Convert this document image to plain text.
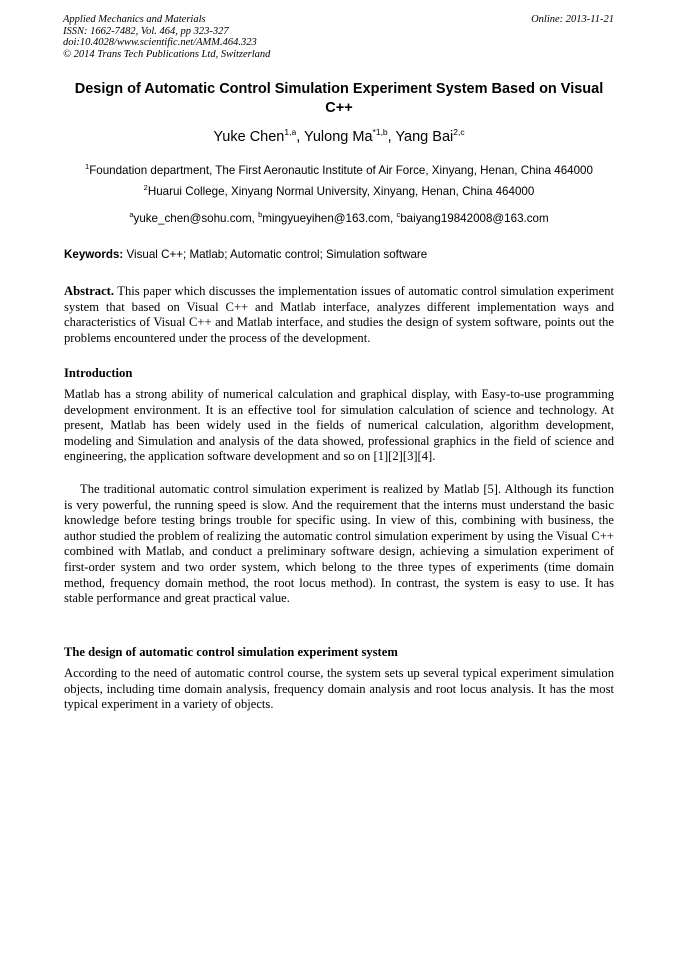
Applied Mechanics and Materials
ISSN: 1662-7482, Vol. 464, pp 323-327
doi:10.4028/www.scientific.net/AMM.464.323
© 2014 Trans Tech Publications Ltd, Switzerland
Online: 2013-11-21
Design of Automatic Control Simulation Experiment System Based on Visual C++
Yuke Chen$^{1,a}$, Yulong Ma$^{*1,b}$, Yang Bai$^{2,c}$
$^1$Foundation department, The First Aeronautic Institute of Air Force, Xinyang, Henan, China 464000
$^2$Huarui College, Xinyang Normal University, Xinyang, Henan, China 464000
$^a$yuke_chen@sohu.com, $^b$mingyueyihen@163.com, $^c$baiyang19842008@163.com
Keywords: Visual C++; Matlab; Automatic control; Simulation software
Abstract. This paper which discusses the implementation issues of automatic control simulation experiment system that based on Visual C++ and Matlab interface, analyzes different implementation ways and characteristics of Visual C++ and Matlab interface, and studies the design of system software, points out the problems encountered under the process of the development.
Introduction
Matlab has a strong ability of numerical calculation and graphical display, with Easy-to-use programming development environment. It is an effective tool for simulation calculation of science and technology. At present, Matlab has been widely used in the fields of numerical calculation, algorithm development, modeling and Simulation and analysis of the data showed, professional graphics in the field of science and engineering, the application software development and so on [1][2][3][4].
The traditional automatic control simulation experiment is realized by Matlab [5]. Although its function is very powerful, the running speed is slow. And the requirement that the interns must understand the basic knowledge before testing brings trouble for specific using. In view of this, combining with business, the author studied the problem of realizing the automatic control simulation experiment by using the Visual C++ combined with Matlab, and conduct a preliminary software design, achieving a simulation experiment of first-order system and two order system, which belong to the three types of experiments (time domain method, frequency domain method, the root locus method). In contrast, the system is easy to use. It has stable performance and great practical value.
The design of automatic control simulation experiment system
According to the need of automatic control course, the system sets up several typical experiment simulation objects, including time domain analysis, frequency domain analysis and root locus analysis. It has the most typical experiment in a variety of objects.
